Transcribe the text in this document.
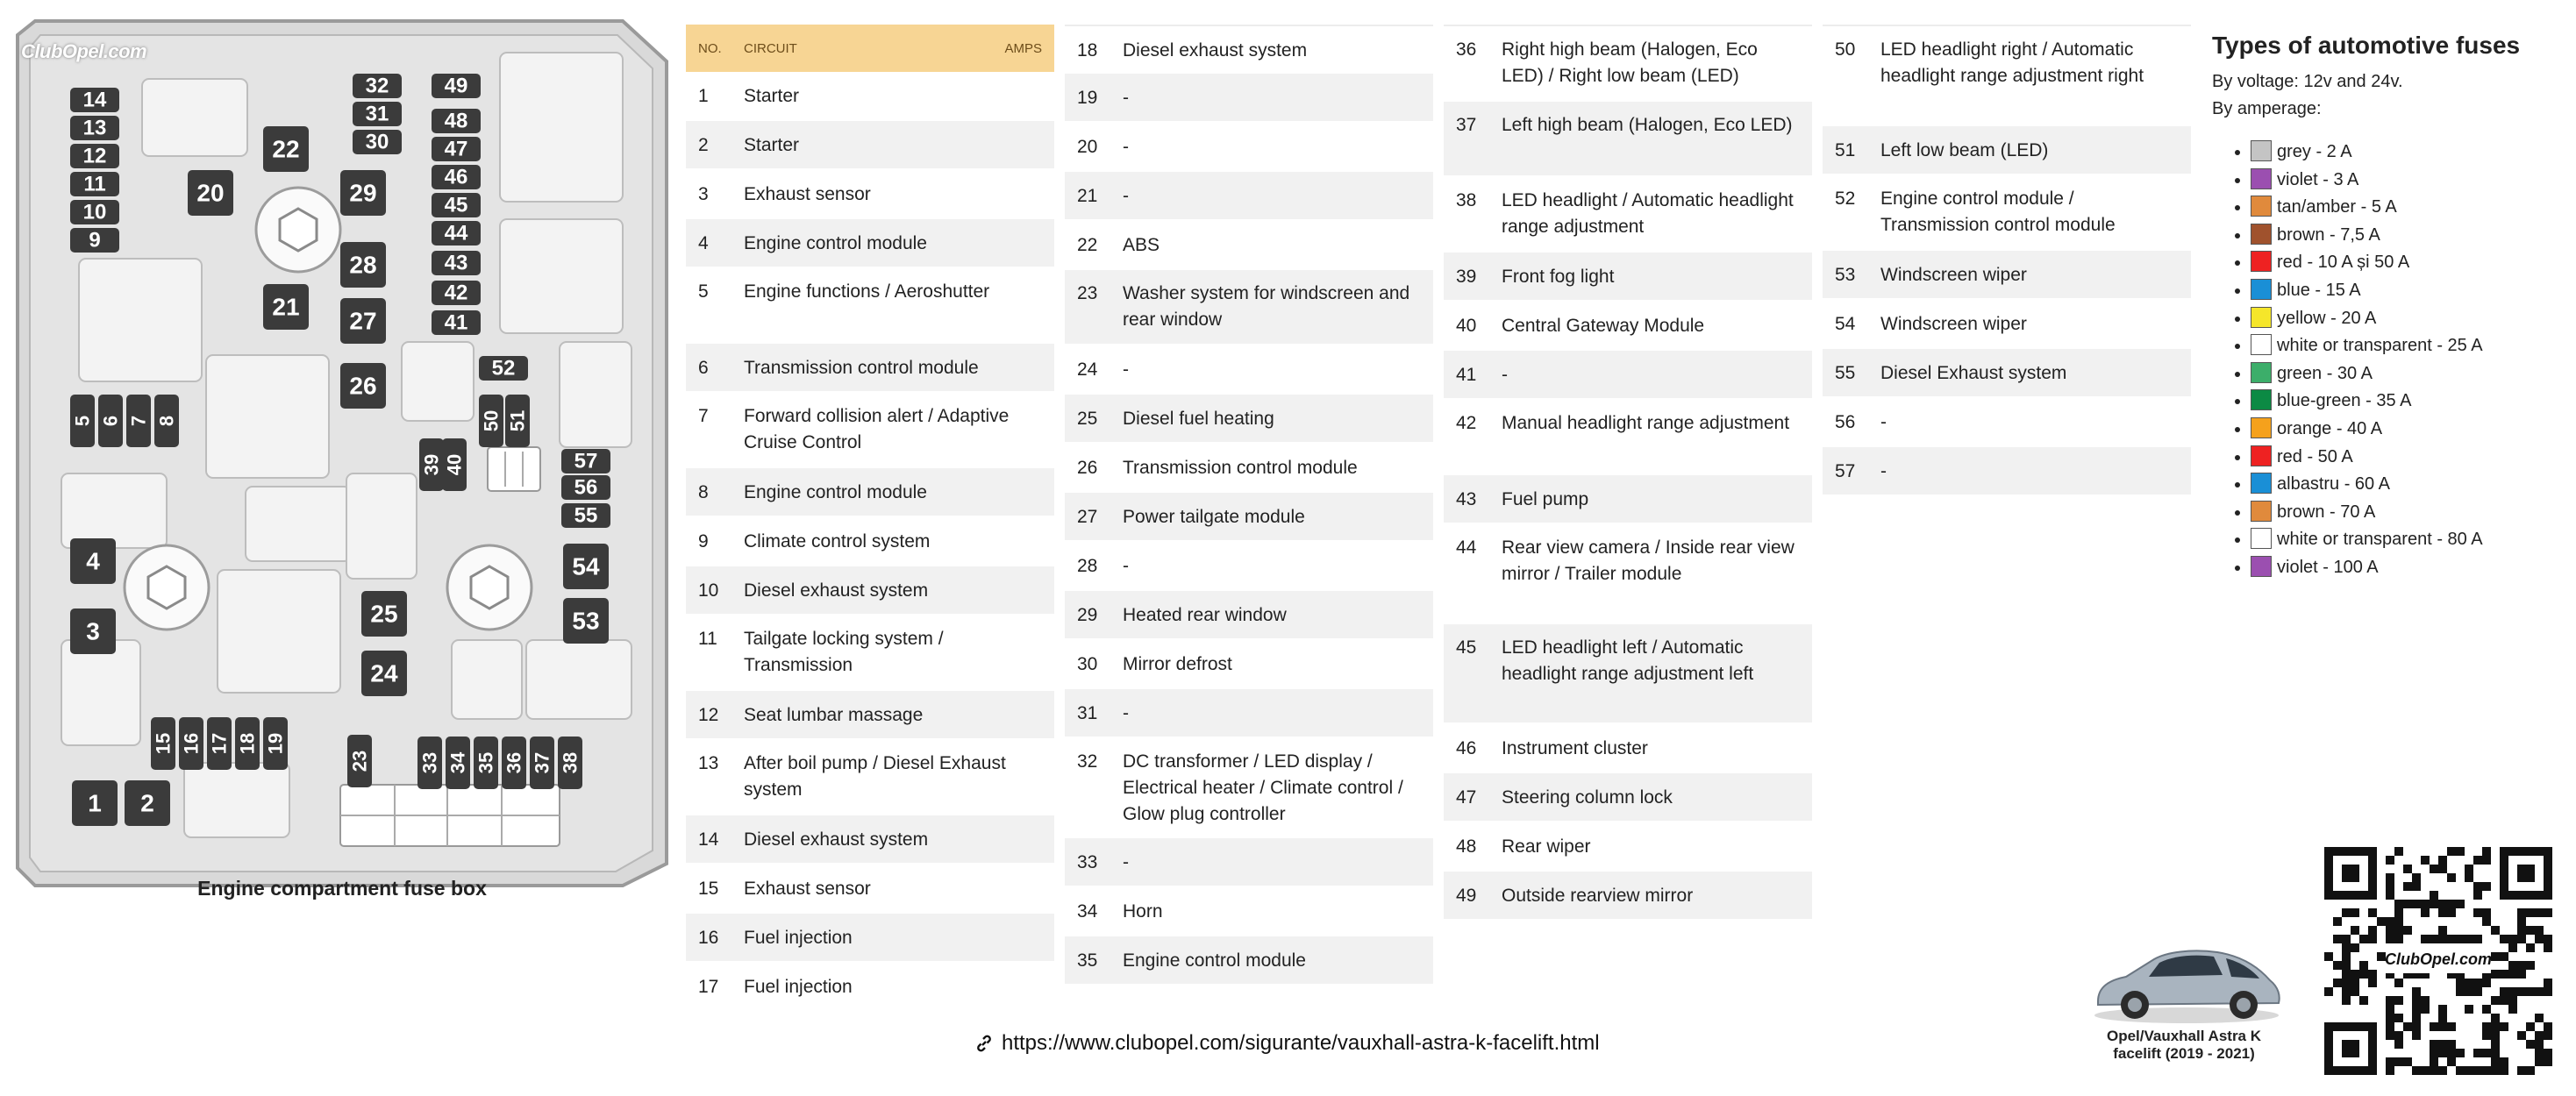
1 2
3
4
5 6 7 8
9
10
11
12
13
14
15 16 17 18 19
20
21
22
23
24
25
26
27
28
29
30
31
32
33 34 35 36 37 38
39 40
41
42
43
44
45
46
47
48
49
50 51
52
53
54
55
56
57
ClubOpel.com
Engine compartment fuse box
NO.	CIRCUIT	AMPS
1	Starter
2	Starter
3	Exhaust sensor
4	Engine control module
5	Engine functions / Aeroshutter
6	Transmission control module
7	Forward collision alert / Adaptive Cruise Control
8	Engine control module
9	Climate control system
10	Diesel exhaust system
11	Tailgate locking system / Transmission
12	Seat lumbar massage
13	After boil pump / Diesel Exhaust system
14	Diesel exhaust system
15	Exhaust sensor
16	Fuel injection
17	Fuel injection
18	Diesel exhaust system
19	-
20	-
21	-
22	ABS
23	Washer system for windscreen and rear window
24	-
25	Diesel fuel heating
26	Transmission control module
27	Power tailgate module
28	-
29	Heated rear window
30	Mirror defrost
31	-
32	DC transformer / LED display / Electrical heater / Climate control / Glow plug controller
33	-
34	Horn
35	Engine control module
36	Right high beam (Halogen, Eco LED) / Right low beam (LED)
37	Left high beam (Halogen, Eco LED)
38	LED headlight / Automatic headlight range adjustment
39	Front fog light
40	Central Gateway Module
41	-
42	Manual headlight range adjustment
43	Fuel pump
44	Rear view camera / Inside rear view mirror / Trailer module
45	LED headlight left / Automatic headlight range adjustment left
46	Instrument cluster
47	Steering column lock
48	Rear wiper
49	Outside rearview mirror
50	LED headlight right / Automatic headlight range adjustment right
51	Left low beam (LED)
52	Engine control module / Transmission control module
53	Windscreen wiper
54	Windscreen wiper
55	Diesel Exhaust system
56	-
57	-
Types of automotive fuses

By voltage: 12v and 24v.

By amperage:

• grey - 2 A
• violet - 3 A
• tan/amber - 5 A
• brown - 7,5 A
• red - 10 A și 50 A
• blue - 15 A
• yellow - 20 A
• white or transparent - 25 A
• green - 30 A
• blue-green - 35 A
• orange - 40 A
• red - 50 A
• albastru - 60 A
• brown - 70 A
• white or transparent - 80 A
• violet - 100 A
https://www.clubopel.com/sigurante/vauxhall-astra-k-facelift.html	Opel/Vauxhall Astra K
facelift (2019 - 2021)
ClubOpel.com
